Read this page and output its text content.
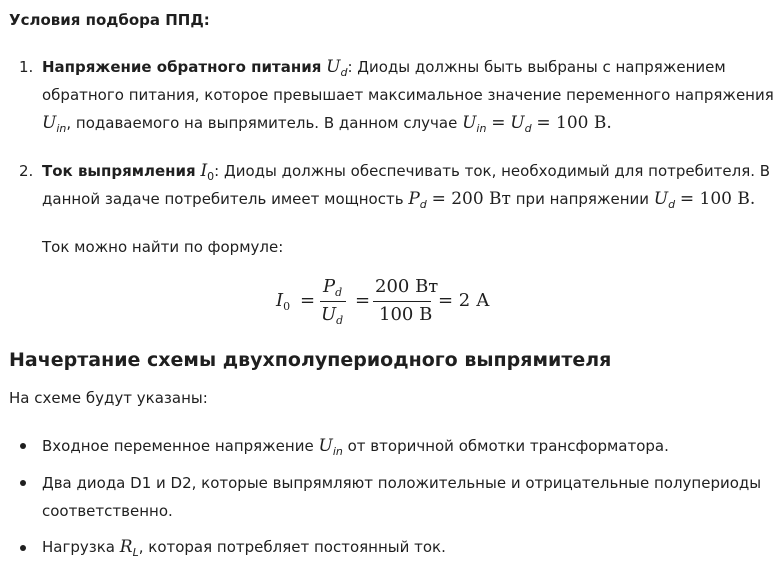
Условия подбора ППД:
1. Напряжение обратного питания $U_d$: Диоды должны быть выбраны с напряжением
обратного питания, которое превышает максимальное значение переменного напряжения
$U_{in}$, подаваемого на выпрямитель. В данном случае $U_{in} = U_d = 100$ В.
2. Ток выпрямления $I_0$: Диоды должны обеспечивать ток, необходимый для потребителя. В
данной задаче потребитель имеет мощность $P_d = 200$ Вт при напряжении $U_d = 100$ В.
Ток можно найти по формуле:
$I_0$ =
$P_d$
$U_d$
=
200 Вт
100 В
= 2 А
Начертание схемы двухполупериодного выпрямителя
На схеме будут указаны:
Входное переменное напряжение $U_{in}$ от вторичной обмотки трансформатора.
Два диода D1 и D2, которые выпрямляют положительные и отрицательные полупериоды
соответственно.
Нагрузка $R_L$, которая потребляет постоянный ток.
